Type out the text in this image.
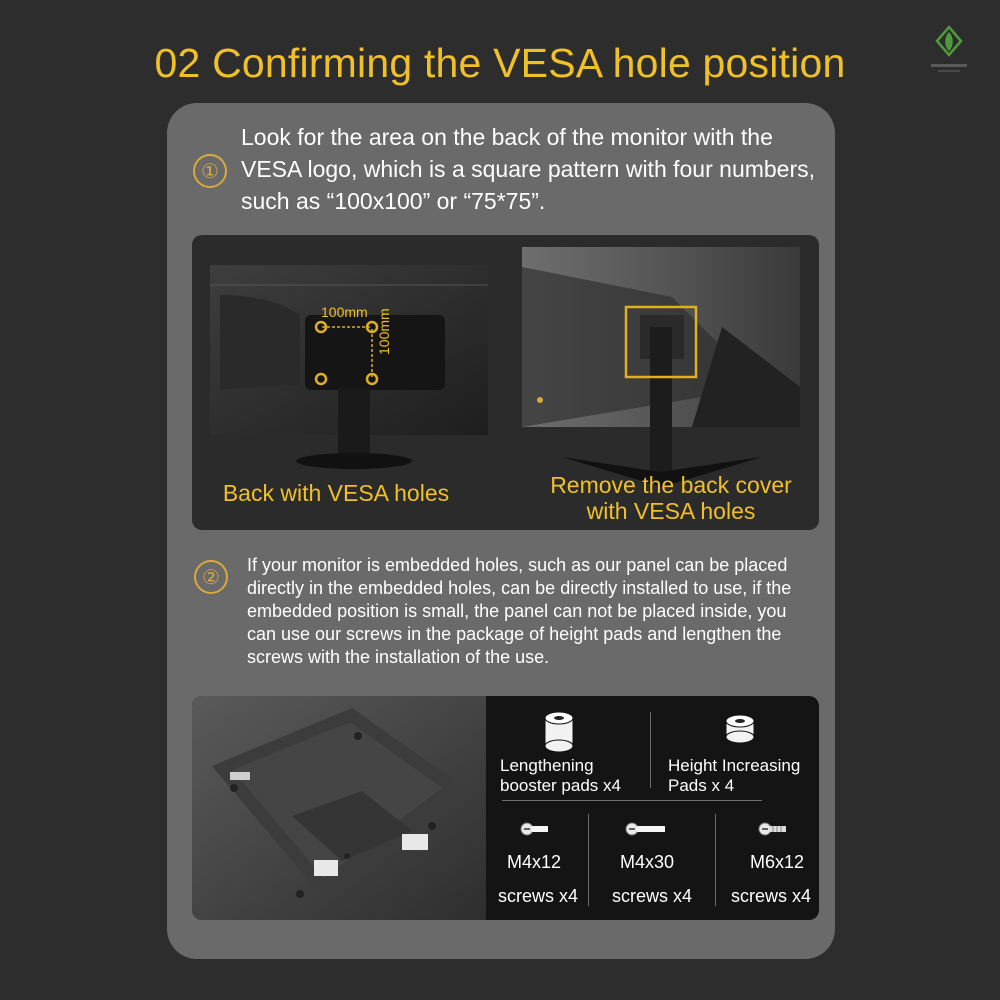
02 Confirming the VESA hole position
①
Look for the area on the back of the monitor with the VESA logo, which is a square pattern with four numbers, such as “100x100” or “75*75”.
100mm 100mm
Back with VESA holes	Remove the back cover
with VESA holes
②
If your monitor is embedded holes, such as our panel can be placed directly in the embedded holes, can be directly installed to use, if the embedded position is small, the panel can not be placed inside, you can use our screws in the package of height pads and lengthen the screws with the installation of the use.
Lengthening
booster pads x4
Height Increasing
Pads x 4
M4x12
screws x4
M4x30
screws x4
M6x12
screws x4
